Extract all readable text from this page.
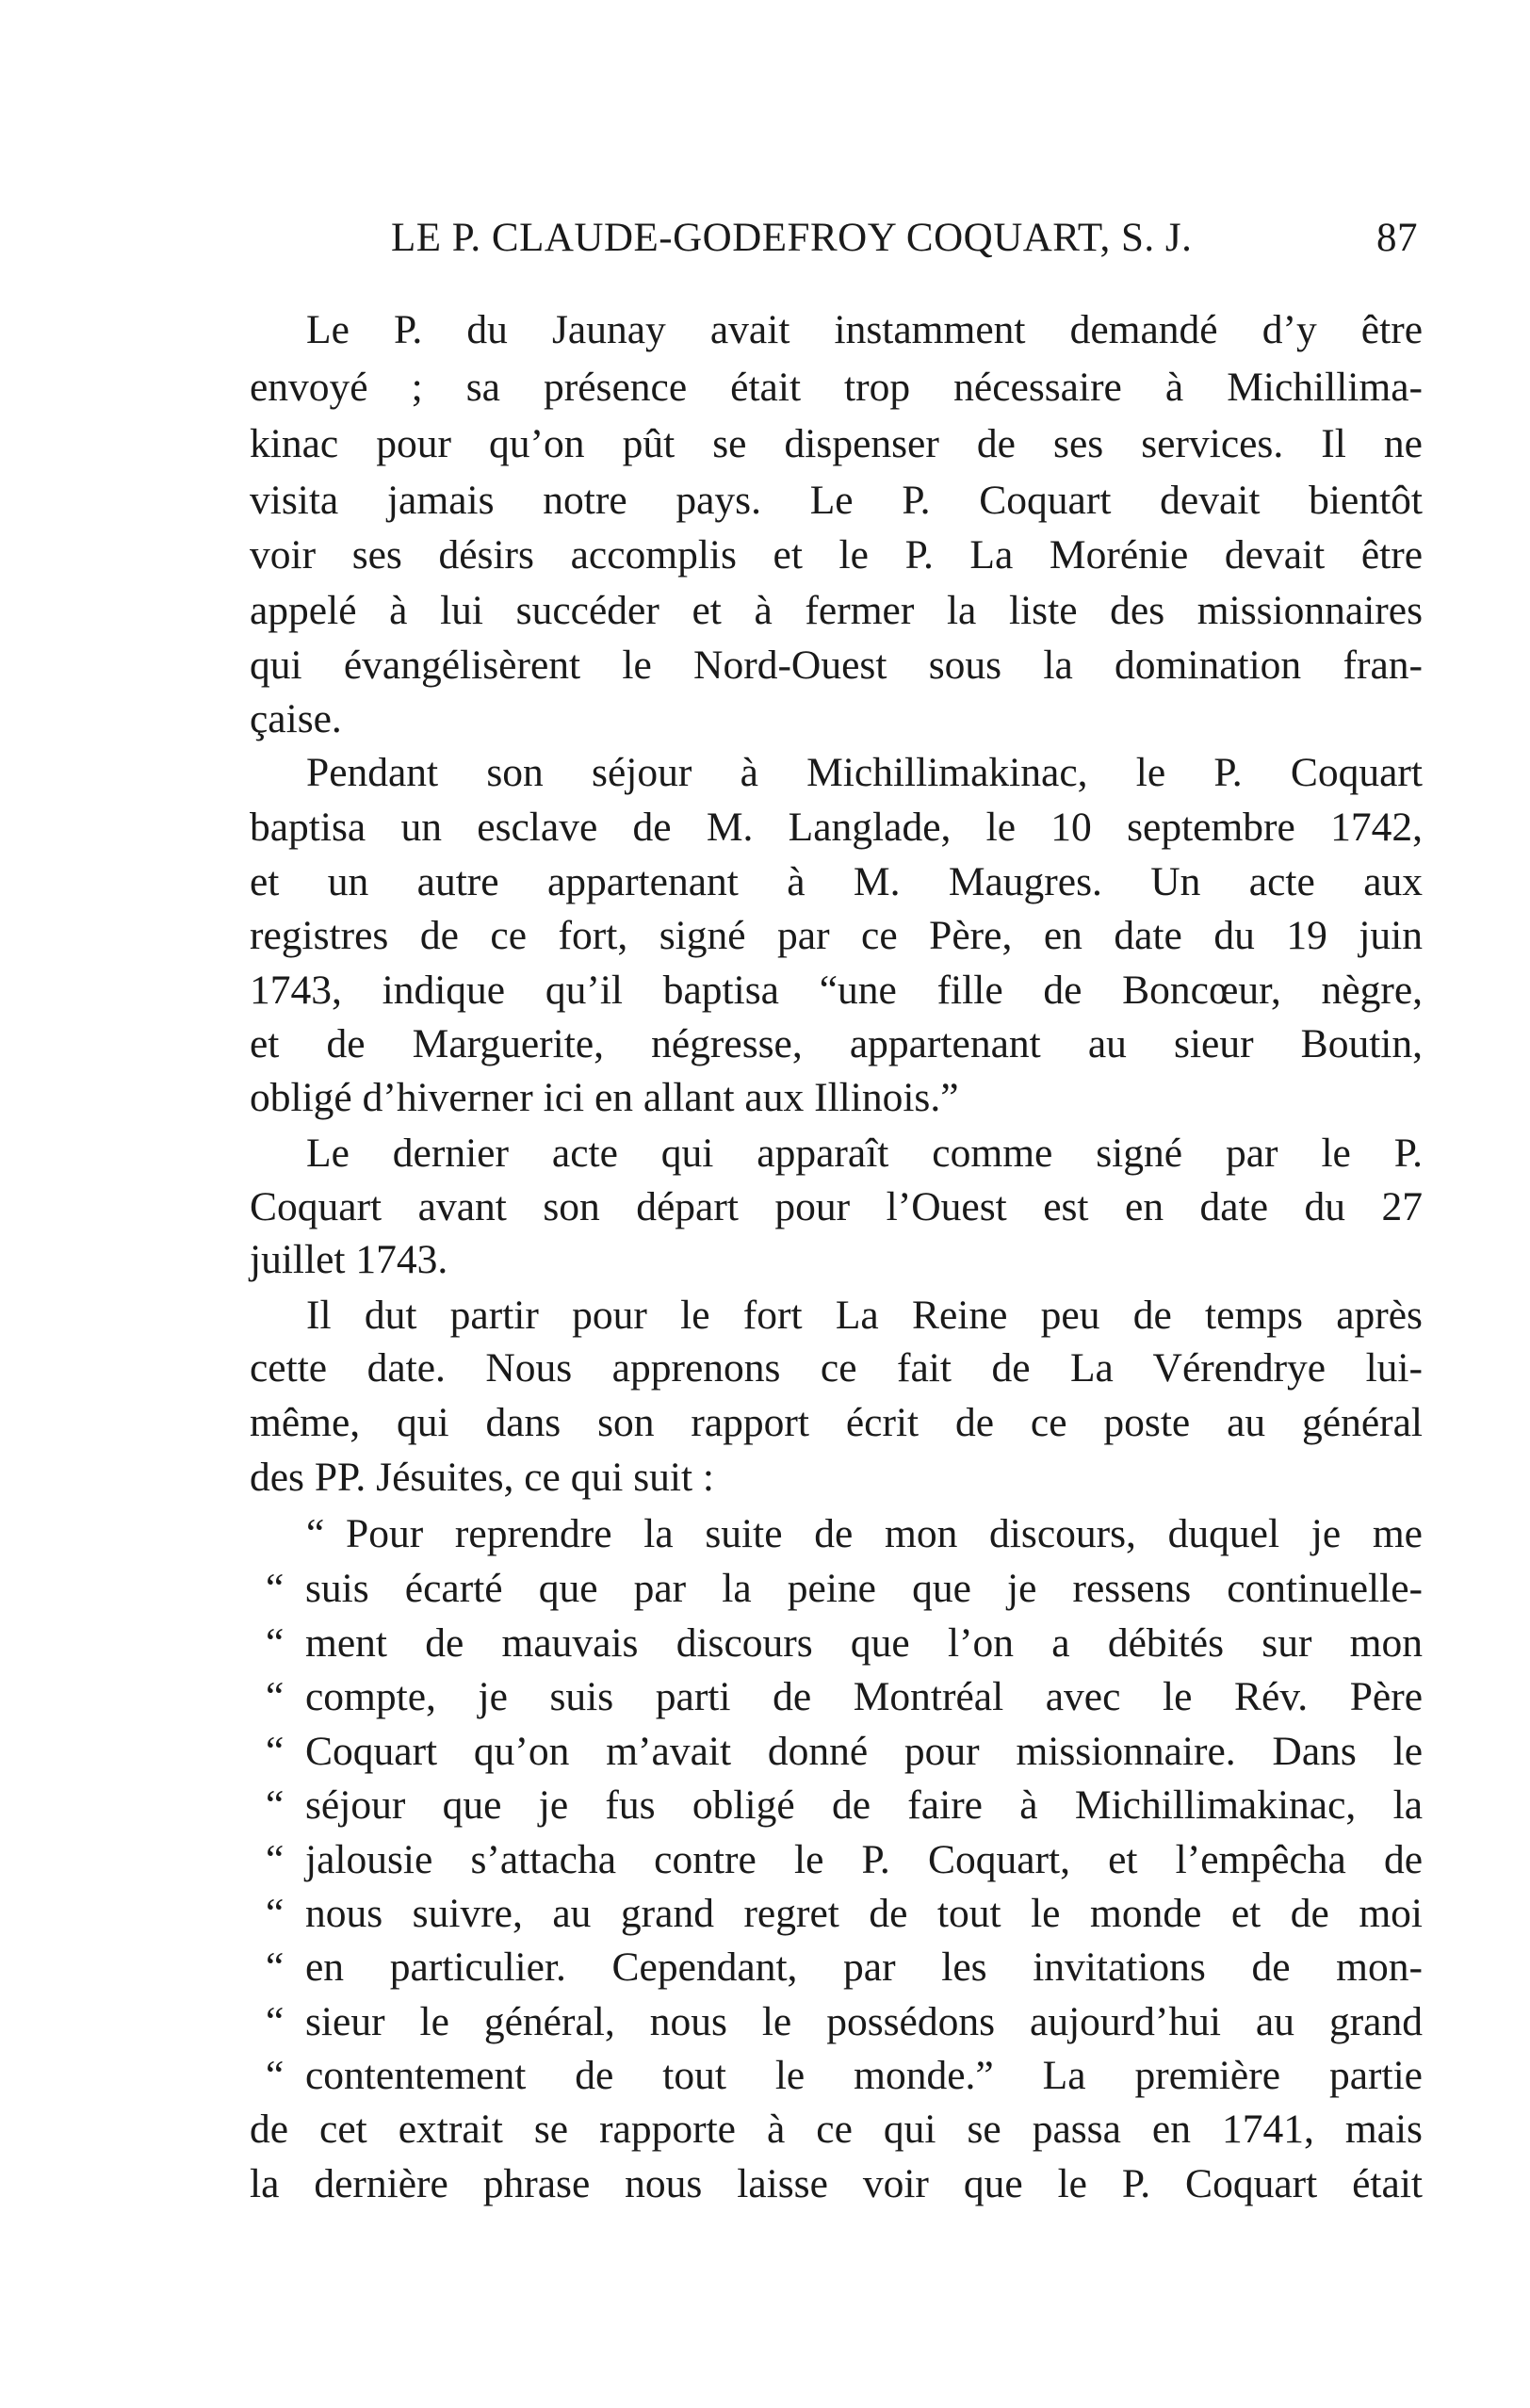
LE P. CLAUDE-GODEFROY COQUART, S. J.	87
Le P. du Jaunay avait instamment demandé d’y être
envoyé ; sa présence était trop nécessaire à Michillima-
kinac pour qu’on pût se dispenser de ses services. Il ne
visita jamais notre pays. Le P. Coquart devait bientôt
voir ses désirs accomplis et le P. La Morénie devait être
appelé à lui succéder et à fermer la liste des missionnaires
qui évangélisèrent le Nord-Ouest sous la domination fran-
çaise.
Pendant son séjour à Michillimakinac, le P. Coquart
baptisa un esclave de M. Langlade, le 10 septembre 1742,
et un autre appartenant à M. Maugres. Un acte aux
registres de ce fort, signé par ce Père, en date du 19 juin
1743, indique qu’il baptisa “une fille de Boncœur, nègre,
et de Marguerite, négresse, appartenant au sieur Boutin,
obligé d’hiverner ici en allant aux Illinois.”
Le dernier acte qui apparaît comme signé par le P.
Coquart avant son départ pour l’Ouest est en date du 27
juillet 1743.
Il dut partir pour le fort La Reine peu de temps après
cette date. Nous apprenons ce fait de La Vérendrye lui-
même, qui dans son rapport écrit de ce poste au général
des PP. Jésuites, ce qui suit :
“ Pour reprendre la suite de mon discours, duquel je me
“ suis écarté que par la peine que je ressens continuelle-
“ ment de mauvais discours que l’on a débités sur mon
“ compte, je suis parti de Montréal avec le Rév. Père
“ Coquart qu’on m’avait donné pour missionnaire. Dans le
“ séjour que je fus obligé de faire à Michillimakinac, la
“ jalousie s’attacha contre le P. Coquart, et l’empêcha de
“ nous suivre, au grand regret de tout le monde et de moi
“ en particulier. Cependant, par les invitations de mon-
“ sieur le général, nous le possédons aujourd’hui au grand
“ contentement de tout le monde.” La première partie
de cet extrait se rapporte à ce qui se passa en 1741, mais
la dernière phrase nous laisse voir que le P. Coquart était
